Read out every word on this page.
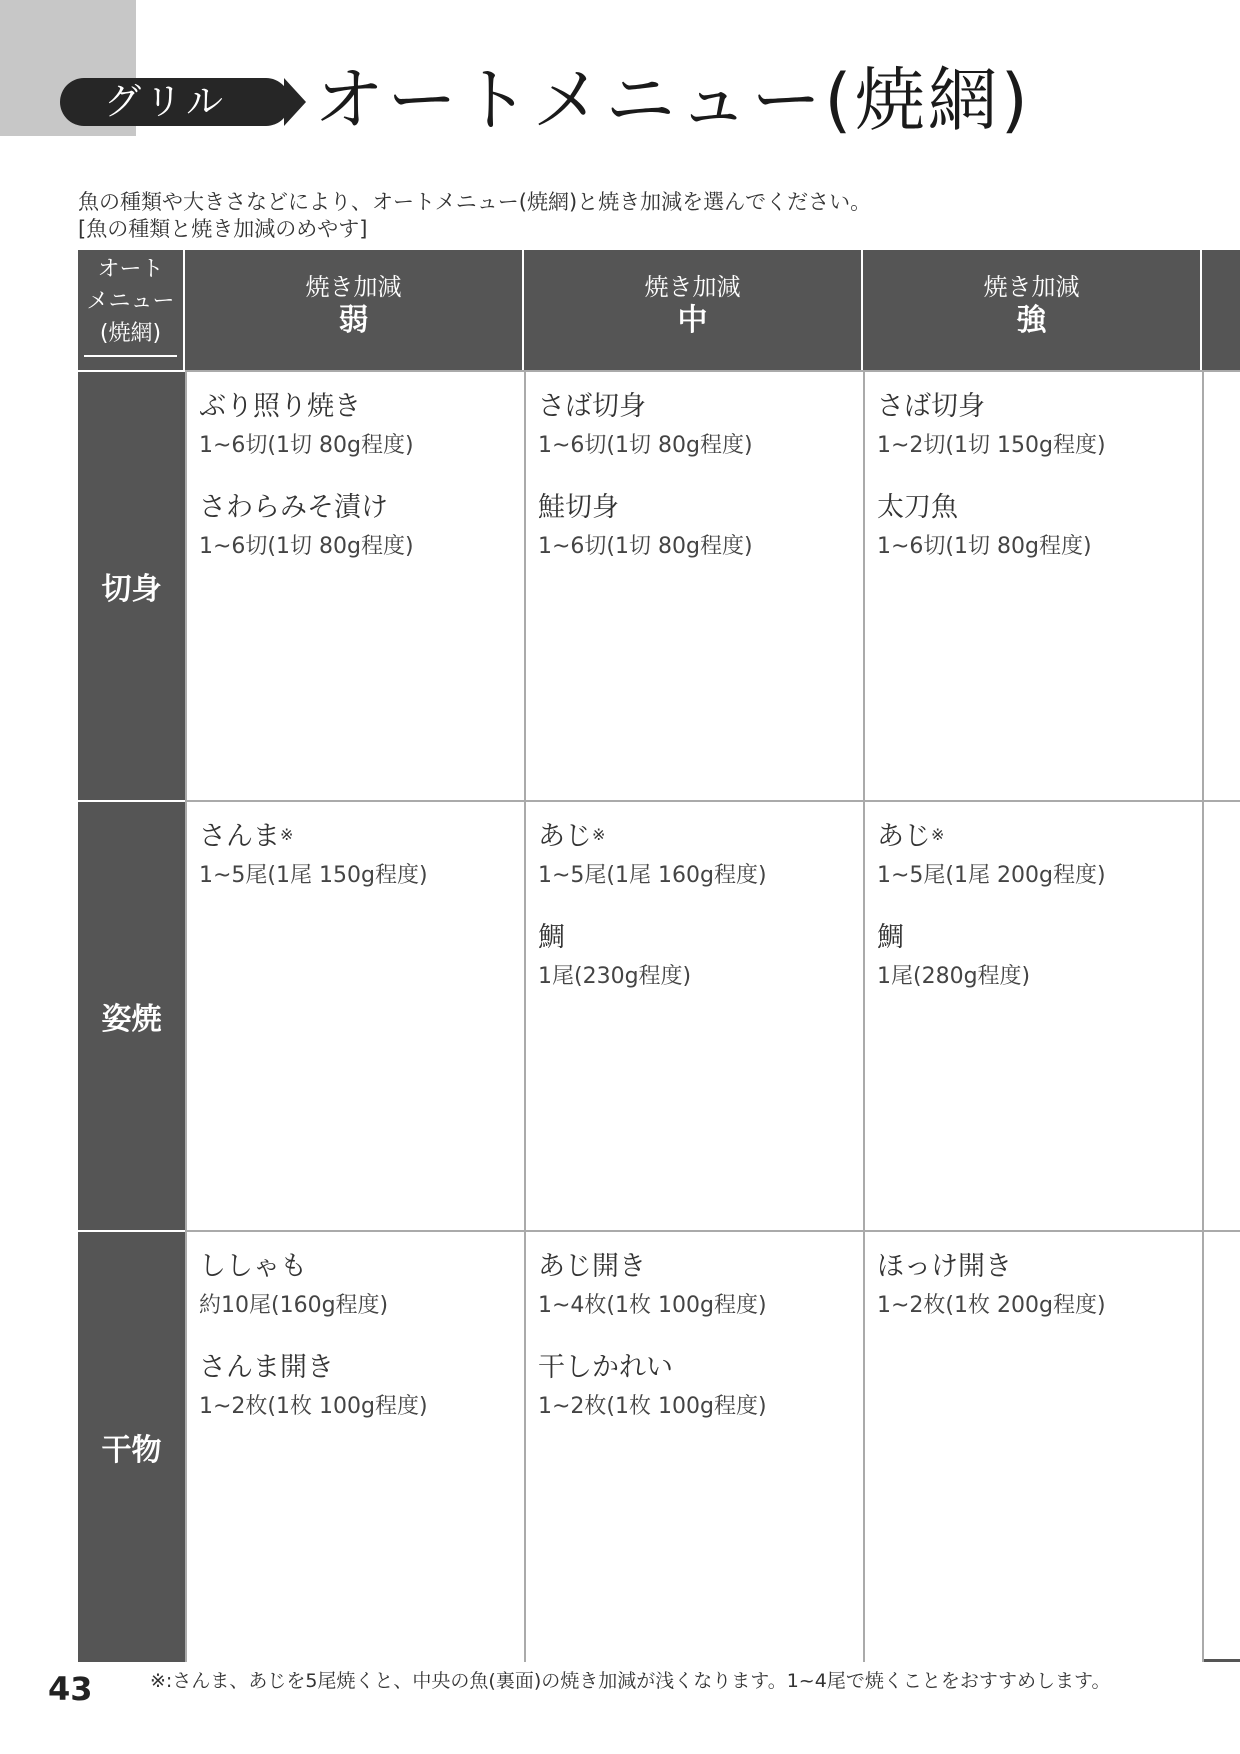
グリル	オートメニュー(焼網)
魚の種類や大きさなどにより、オートメニュー(焼網)と焼き加減を選んでください。
[魚の種類と焼き加減のめやす]
オート
メニュー
(焼網)
焼き加減
弱
焼き加減
中
焼き加減
強
切身
ぶり照り焼き
1~6切(1切 80g程度)
さわらみそ漬け
1~6切(1切 80g程度)
さば切身
1~6切(1切 80g程度)
鮭切身
1~6切(1切 80g程度)
さば切身
1~2切(1切 150g程度)
太刀魚
1~6切(1切 80g程度)
姿焼
さんま※
1~5尾(1尾 150g程度)
あじ※
1~5尾(1尾 160g程度)
鯛
1尾(230g程度)
あじ※
1~5尾(1尾 200g程度)
鯛
1尾(280g程度)
干物
ししゃも
約10尾(160g程度)
さんま開き
1~2枚(1枚 100g程度)
あじ開き
1~4枚(1枚 100g程度)
干しかれい
1~2枚(1枚 100g程度)
ほっけ開き
1~2枚(1枚 200g程度)
43	※:さんま、あじを5尾焼くと、中央の魚(裏面)の焼き加減が浅くなります。1~4尾で焼くことをおすすめします。
